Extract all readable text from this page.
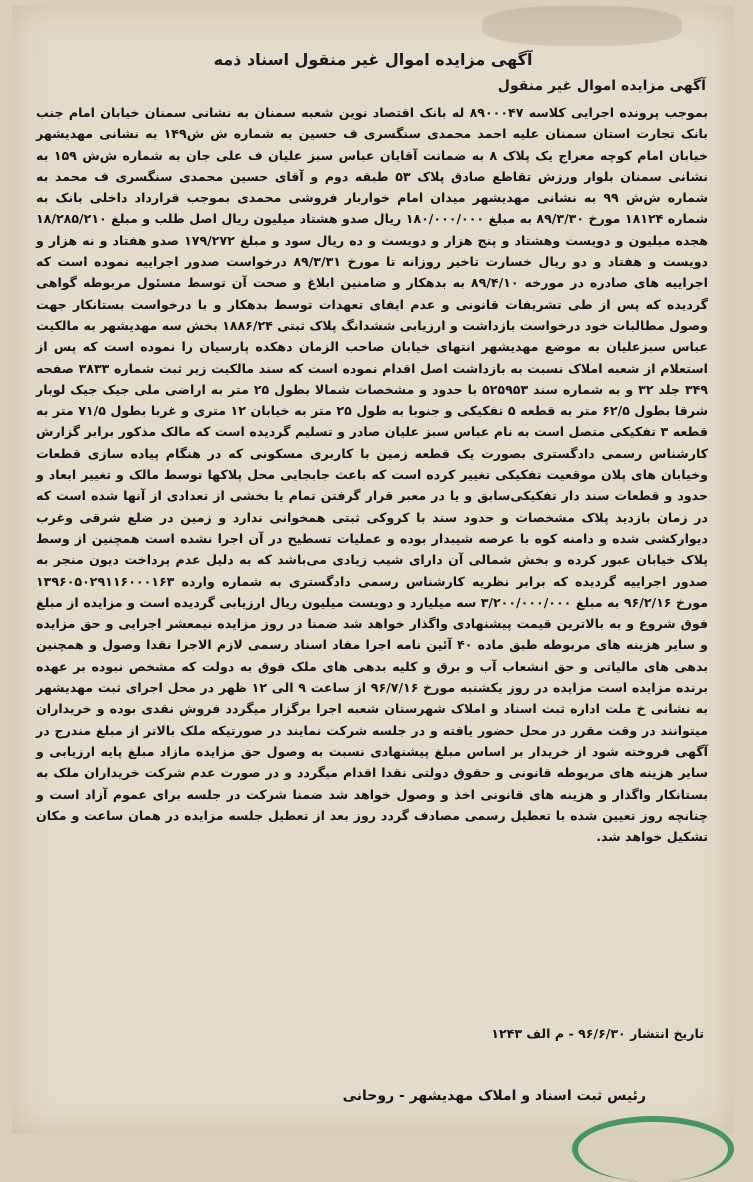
آگهی مزایده اموال غیر منقول اسناد ذمه
آگهی مزایده اموال غیر منقول
بموجب پرونده اجرایی کلاسه ۸۹۰۰۰۴۷ له بانک اقتصاد نوین شعبه سمنان به نشانی سمنان خیابان امام جنب بانک تجارت استان سمنان علیه احمد محمدی سنگسری ف حسین به شماره ش ش۱۴۹ به نشانی مهدیشهر خیابان امام کوچه معراج یک پلاک ۸ به ضمانت آقایان عباس سبز علیان ف علی جان به شماره ش‌ش ۱۵۹ به نشانی سمنان بلوار ورزش تقاطع صادق پلاک ۵۳ طبقه دوم و آقای حسین محمدی سنگسری ف محمد به شماره ش‌ش ۹۹ به نشانی مهدیشهر میدان امام خواربار فروشی محمدی بموجب قرارداد داخلی بانک به شماره ۱۸۱۲۴ مورخ ۸۹/۳/۳۰ به مبلغ ۱۸۰/۰۰۰/۰۰۰ ریال صدو هشتاد میلیون ریال اصل طلب و مبلغ ۱۸/۲۸۵/۲۱۰ هجده میلیون و دویست وهشتاد و پنج هزار و دویست و ده ریال سود و مبلغ ۱۷۹/۲۷۲ صدو هفتاد و نه هزار و دویست و هفتاد و دو ریال خسارت تاخیر روزانه تا مورخ ۸۹/۳/۳۱ درخواست صدور اجراییه نموده است که اجراییه های صادره در مورخه ۸۹/۴/۱۰ به بدهکار و ضامنین ابلاغ و صحت آن توسط مسئول مربوطه گواهی گردیده که پس از طی تشریفات قانونی و عدم ایفای تعهدات توسط بدهکار و با درخواست بستانکار جهت وصول مطالبات خود درخواست بازداشت و ارزیابی ششدانگ پلاک ثبتی ۱۸۸۶/۲۴ بخش سه مهدیشهر به مالکیت عباس سبزعلیان به موضع مهدیشهر انتهای خیابان صاحب الزمان دهکده پارسیان را نموده است که پس از استعلام از شعبه املاک نسبت به بازداشت اصل اقدام نموده است که سند مالکیت زیر ثبت شماره ۳۸۳۳ صفحه ۳۴۹ جلد ۳۲ و به شماره سند ۵۲۵۹۵۳ با حدود و مشخصات شمالا بطول ۲۵ متر به اراضی ملی جیک جیک لوبار شرقا بطول ۶۲/۵ متر به قطعه ۵ تفکیکی و جنوبا به طول ۲۵ متر به خیابان ۱۲ متری و غربا بطول ۷۱/۵ متر به قطعه ۳ تفکیکی متصل است به نام عباس سبز علیان صادر و تسلیم گردیده است که مالک مذکور برابر گزارش کارشناس رسمی دادگستری بصورت یک قطعه زمین با کاربری مسکونی که در هنگام پیاده سازی قطعات وخیابان های پلان موقعیت تفکیکی تغییر کرده است که باعث جابجایی محل پلاکها توسط مالک و تغییر ابعاد و حدود و قطعات سند دار تفکیکی‌سابق و یا در معبر قرار گرفتن تمام یا بخشی از تعدادی از آنها شده است که در زمان بازدید پلاک مشخصات و حدود سند با کروکی ثبتی همخوانی ندارد و زمین در ضلع شرقی وغرب دیوارکشی شده و دامنه کوه با عرصه شیبدار بوده و عملیات تسطیح در آن اجرا نشده است همچنین از وسط پلاک خیابان عبور کرده و بخش شمالی آن دارای شیب زیادی می‌باشد که به دلیل عدم پرداخت دیون منجر به صدور اجراییه گردیده که برابر نظریه کارشناس رسمی دادگستری به شماره وارده ۱۳۹۶۰۵۰۲۹۱۱۶۰۰۰۱۶۳ مورخ ۹۶/۲/۱۶ به مبلغ ۳/۲۰۰/۰۰۰/۰۰۰ سه میلیارد و دویست میلیون ریال ارزیابی گردیده است و مزایده از مبلغ فوق شروع و به بالاترین قیمت پیشنهادی واگذار خواهد شد ضمنا در روز مزایده نیمعشر اجرایی و حق مزایده و سایر هزینه های مربوطه طبق ماده ۴۰ آئین نامه اجرا مفاد اسناد رسمی لازم الاجرا نقدا وصول و همچنین بدهی های مالیاتی و حق انشعاب آب و برق و کلیه بدهی های ملک فوق به دولت که مشخص نبوده بر عهده برنده مزایده است مزایده در روز یکشنبه مورخ ۹۶/۷/۱۶ از ساعت ۹ الی ۱۲ ظهر در محل اجرای ثبت مهدیشهر به نشانی خ ملت اداره ثبت اسناد و املاک شهرستان شعبه اجرا برگزار میگردد فروش نقدی بوده و خریداران میتوانند در وقت مقرر در محل حضور یافته و در جلسه شرکت نمایند در صورتیکه ملک بالاتر از مبلغ مندرج در آگهی فروخته شود از خریدار بر اساس مبلغ پیشنهادی نسبت به وصول حق مزایده مازاد مبلغ پایه ارزیابی و سایر هزینه های مربوطه قانونی و حقوق دولتی نقدا اقدام میگردد و در صورت عدم شرکت خریداران ملک به بستانکار واگذار و هزینه های قانونی اخذ و وصول خواهد شد ضمنا شرکت در جلسه برای عموم آزاد است و چنانچه روز تعیین شده با تعطیل رسمی مصادف گردد روز بعد از تعطیل جلسه مزایده در همان ساعت و مکان تشکیل خواهد شد.
تاریخ انتشار ۹۶/۶/۳۰ - م الف ۱۲۴۳
رئیس ثبت اسناد و املاک مهدیشهر - روحانی
